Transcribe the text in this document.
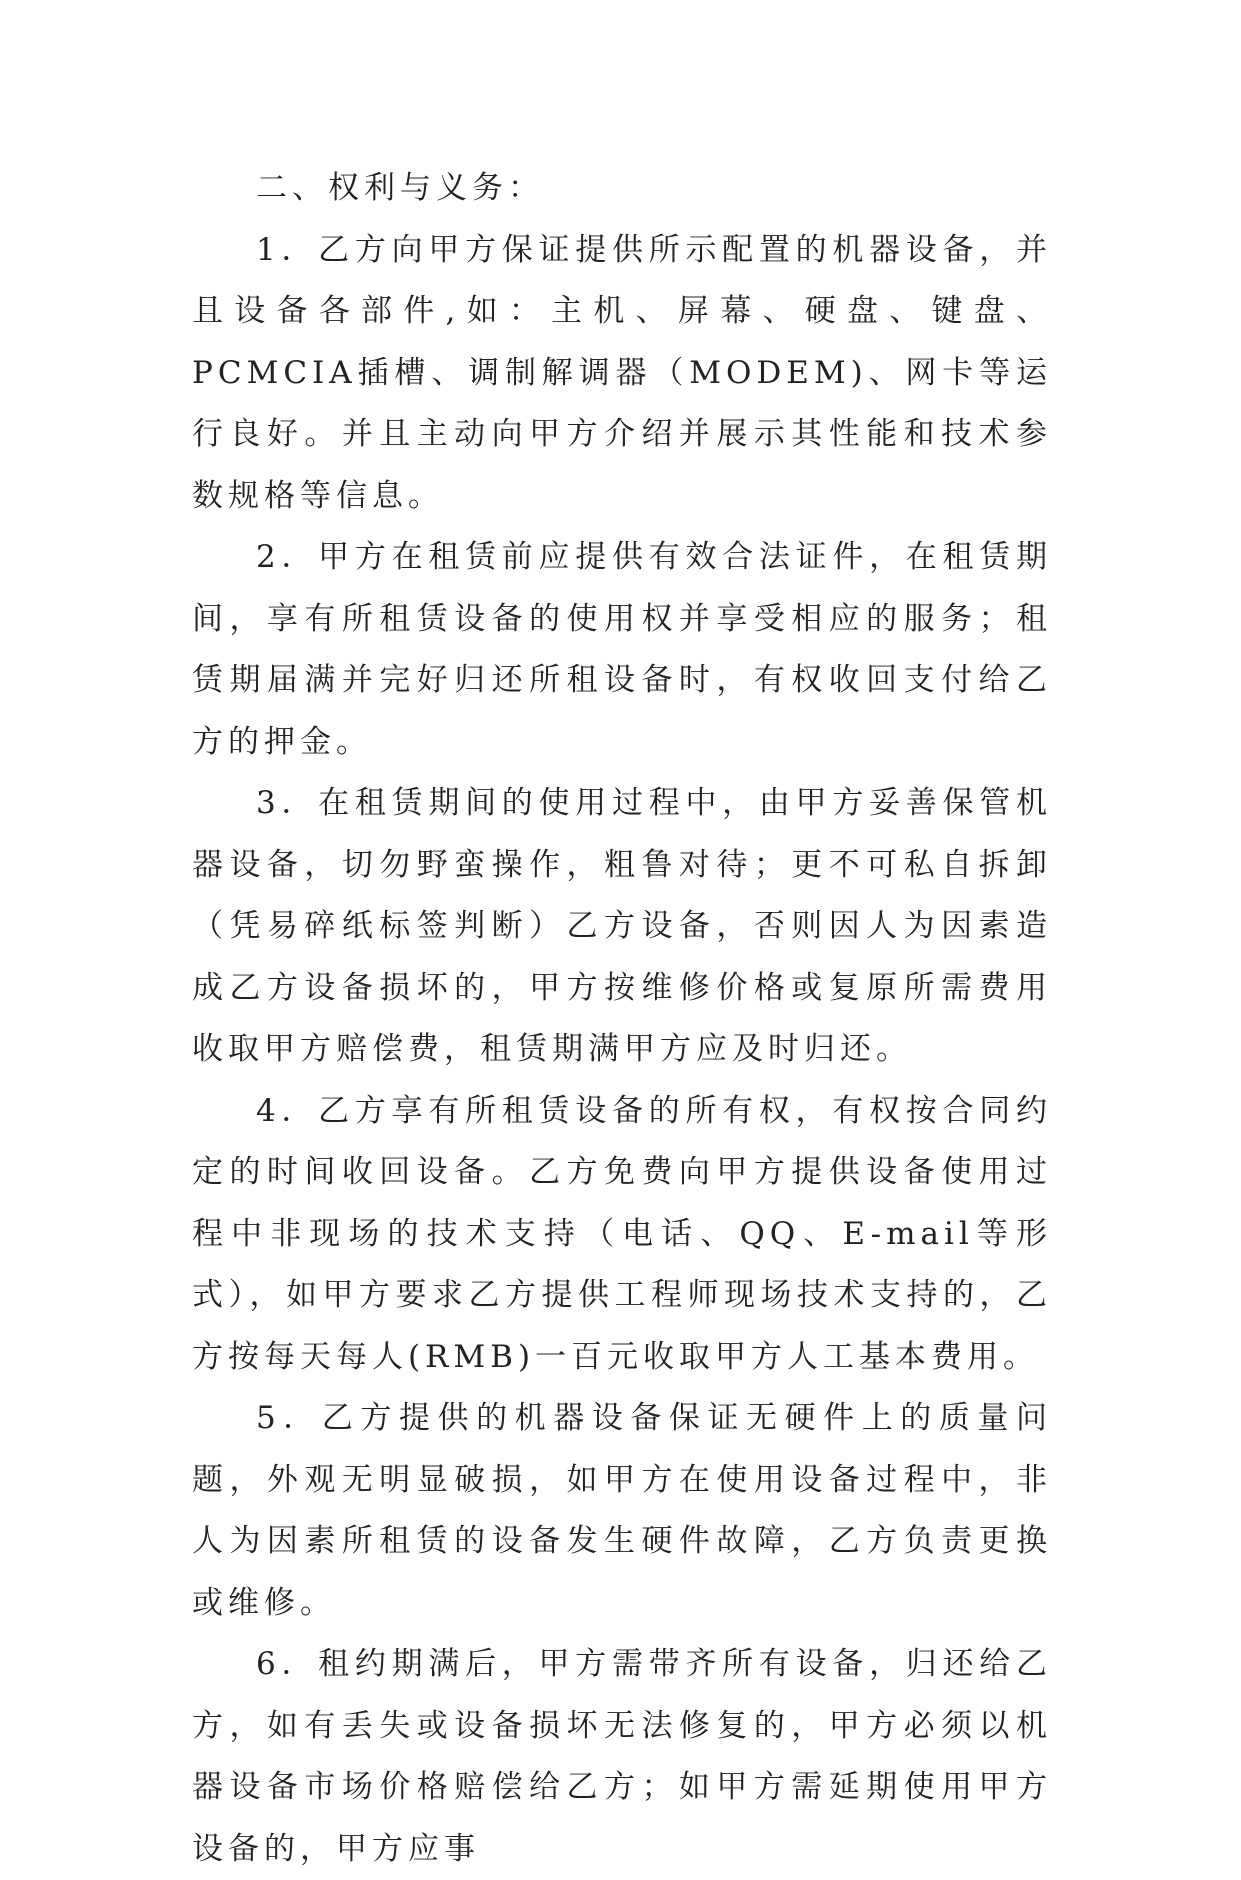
二、权利与义务：

1．乙方向甲方保证提供所示配置的机器设备，并且设备各部件,如：主机、屏幕、硬盘、键盘、PCMCIA插槽、调制解调器（MODEM)、网卡等运行良好。并且主动向甲方介绍并展示其性能和技术参数规格等信息。

2．甲方在租赁前应提供有效合法证件，在租赁期间，享有所租赁设备的使用权并享受相应的服务；租赁期届满并完好归还所租设备时，有权收回支付给乙方的押金。

3．在租赁期间的使用过程中，由甲方妥善保管机器设备，切勿野蛮操作，粗鲁对待；更不可私自拆卸（凭易碎纸标签判断）乙方设备，否则因人为因素造成乙方设备损坏的，甲方按维修价格或复原所需费用收取甲方赔偿费，租赁期满甲方应及时归还。

4．乙方享有所租赁设备的所有权，有权按合同约定的时间收回设备。乙方免费向甲方提供设备使用过程中非现场的技术支持（电话、QQ、E-mail等形式），如甲方要求乙方提供工程师现场技术支持的，乙方按每天每人(RMB)一百元收取甲方人工基本费用。

5．乙方提供的机器设备保证无硬件上的质量问题，外观无明显破损，如甲方在使用设备过程中，非人为因素所租赁的设备发生硬件故障，乙方负责更换或维修。

6．租约期满后，甲方需带齐所有设备，归还给乙方，如有丢失或设备损坏无法修复的，甲方必须以机器设备市场价格赔偿给乙方；如甲方需延期使用甲方设备的，甲方应事
